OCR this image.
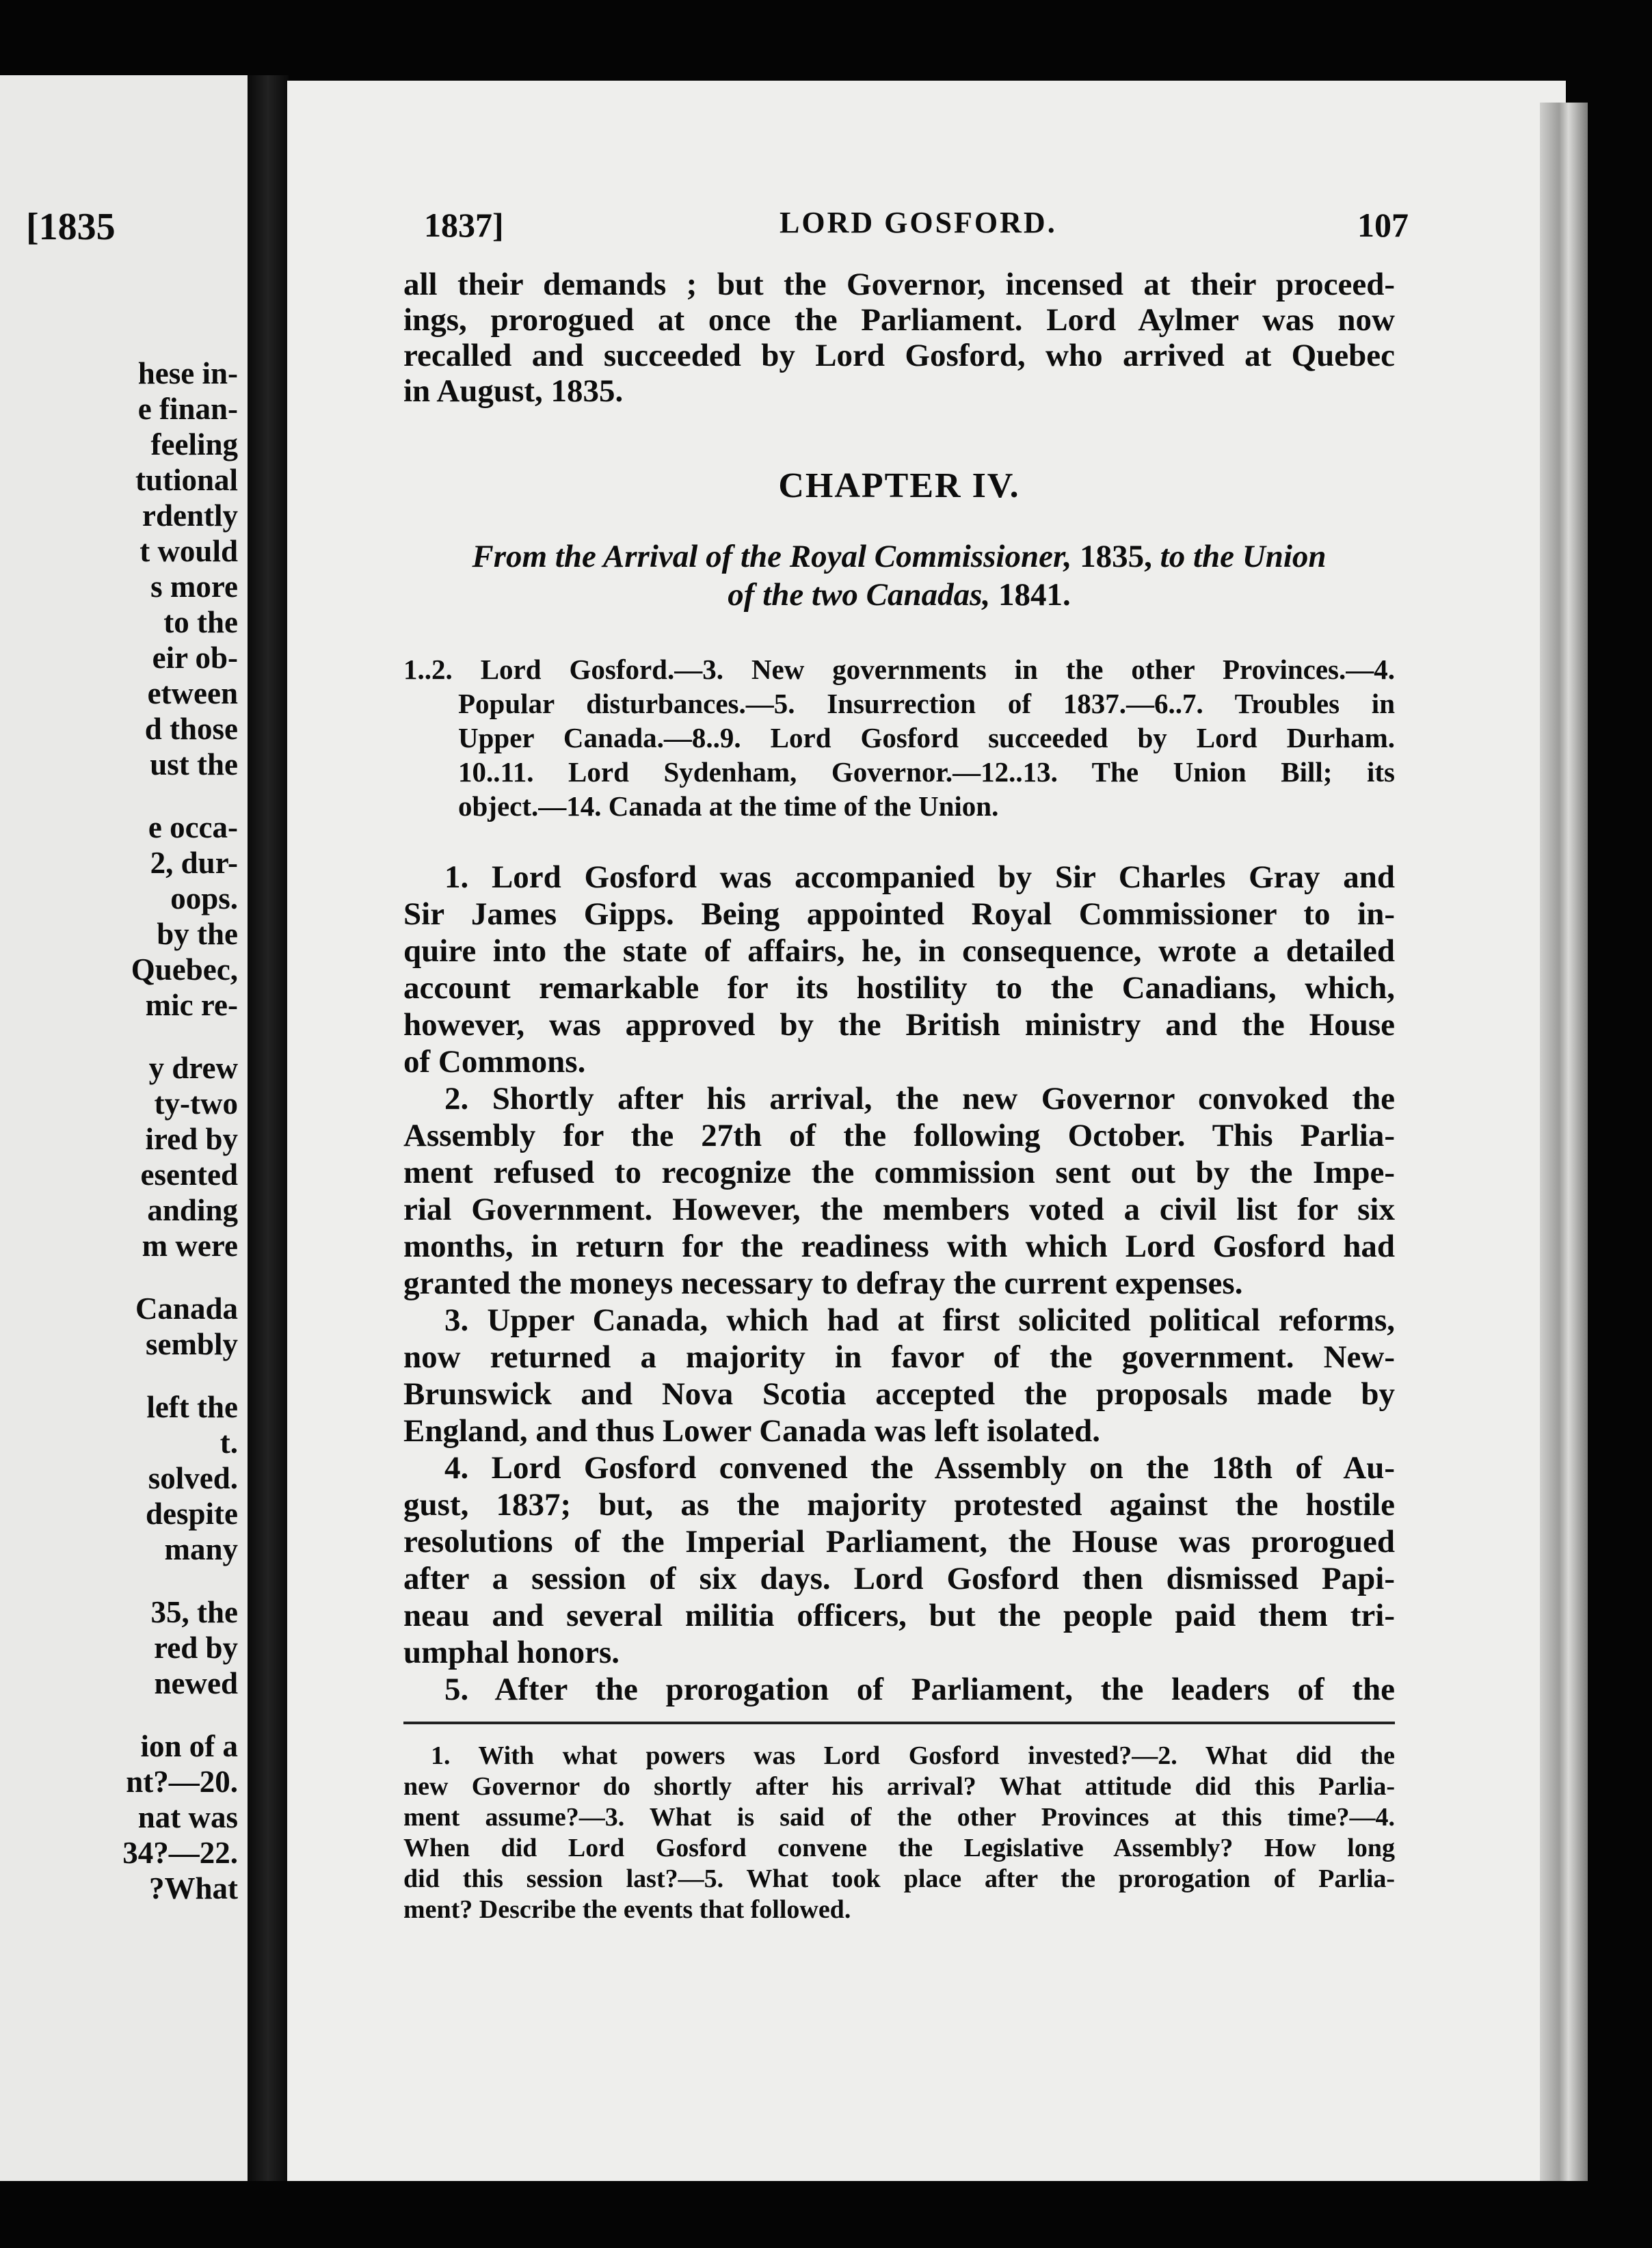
[1835
hese in-
e finan-
feeling
tutional
rdently
t would
s more
to the
eir ob-
etween
d those
ust the
e occa-
2, dur-
oops.
by the
Quebec,
mic re-
y drew
ty-two
ired by
esented
anding
m were
Canada
sembly
left the
t.
solved.
despite
many
35, the
red by
newed
ion of a
nt?—20.
nat was
34?—22.
?What
1837]	LORD GOSFORD.	107
all their demands ; but the Governor, incensed at their proceed-
ings, prorogued at once the Parliament. Lord Aylmer was now
recalled and succeeded by Lord Gosford, who arrived at Quebec
in August, 1835.
CHAPTER IV.
From the Arrival of the Royal Commissioner, 1835, to the Union
of the two Canadas, 1841.
1..2. Lord Gosford.—3. New governments in the other Provinces.—4.
Popular disturbances.—5. Insurrection of 1837.—6..7. Troubles in
Upper Canada.—8..9. Lord Gosford succeeded by Lord Durham.
10..11. Lord Sydenham, Governor.—12..13. The Union Bill; its
object.—14. Canada at the time of the Union.
1. Lord Gosford was accompanied by Sir Charles Gray and
Sir James Gipps. Being appointed Royal Commissioner to in-
quire into the state of affairs, he, in consequence, wrote a detailed
account remarkable for its hostility to the Canadians, which,
however, was approved by the British ministry and the House
of Commons.
2. Shortly after his arrival, the new Governor convoked the
Assembly for the 27th of the following October. This Parlia-
ment refused to recognize the commission sent out by the Impe-
rial Government. However, the members voted a civil list for six
months, in return for the readiness with which Lord Gosford had
granted the moneys necessary to defray the current expenses.
3. Upper Canada, which had at first solicited political reforms,
now returned a majority in favor of the government. New-
Brunswick and Nova Scotia accepted the proposals made by
England, and thus Lower Canada was left isolated.
4. Lord Gosford convened the Assembly on the 18th of Au-
gust, 1837; but, as the majority protested against the hostile
resolutions of the Imperial Parliament, the House was prorogued
after a session of six days. Lord Gosford then dismissed Papi-
neau and several militia officers, but the people paid them tri-
umphal honors.
5. After the prorogation of Parliament, the leaders of the
1. With what powers was Lord Gosford invested?—2. What did the
new Governor do shortly after his arrival? What attitude did this Parlia-
ment assume?—3. What is said of the other Provinces at this time?—4.
When did Lord Gosford convene the Legislative Assembly? How long
did this session last?—5. What took place after the prorogation of Parlia-
ment? Describe the events that followed.
